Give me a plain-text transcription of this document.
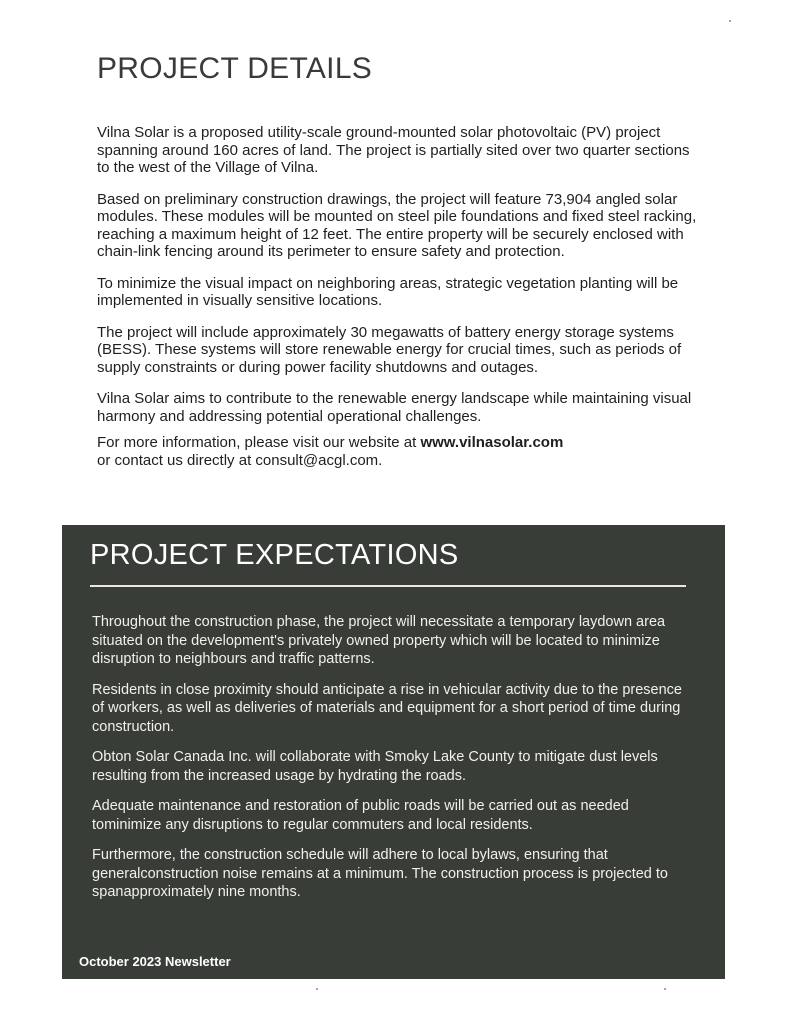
PROJECT DETAILS

Vilna Solar is a proposed utility-scale ground-mounted solar photovoltaic (PV) project spanning around 160 acres of land. The project is partially sited over two quarter sections to the west of the Village of Vilna.

Based on preliminary construction drawings, the project will feature 73,904 angled solar modules. These modules will be mounted on steel pile foundations and fixed steel racking, reaching a maximum height of 12 feet. The entire property will be securely enclosed with chain-link fencing around its perimeter to ensure safety and protection.

To minimize the visual impact on neighboring areas, strategic vegetation planting will be implemented in visually sensitive locations.

The project will include approximately 30 megawatts of battery energy storage systems (BESS). These systems will store renewable energy for crucial times, such as periods of supply constraints or during power facility shutdowns and outages.

Vilna Solar aims to contribute to the renewable energy landscape while maintaining visual harmony and addressing potential operational challenges.

For more information, please visit our website at www.vilnasolar.com
or contact us directly at consult@acgl.com.

PROJECT EXPECTATIONS

Throughout the construction phase, the project will necessitate a temporary laydown area situated on the development's privately owned property which will be located to minimize disruption to neighbours and traffic patterns.

Residents in close proximity should anticipate a rise in vehicular activity due to the presence of workers, as well as deliveries of materials and equipment for a short period of time during construction.

Obton Solar Canada Inc. will collaborate with Smoky Lake County to mitigate dust levels resulting from the increased usage by hydrating the roads.

Adequate maintenance and restoration of public roads will be carried out as needed tominimize any disruptions to regular commuters and local residents.

Furthermore, the construction schedule will adhere to local bylaws, ensuring that generalconstruction noise remains at a minimum. The construction process is projected to spanapproximately nine months.

October 2023 Newsletter
